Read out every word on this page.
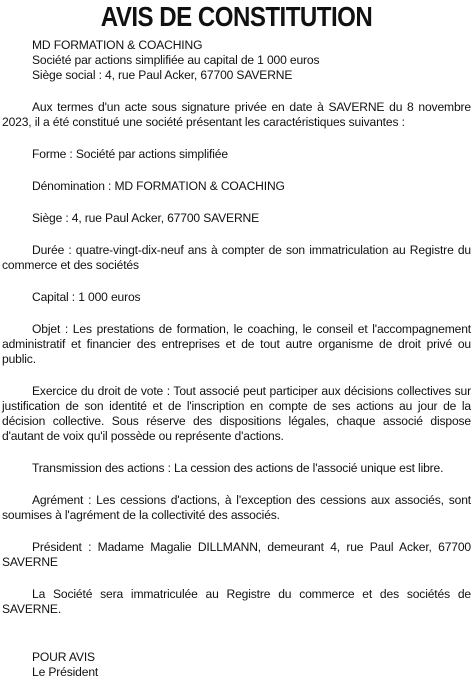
AVIS DE CONSTITUTION
MD FORMATION & COACHING
Société par actions simplifiée au capital de 1 000 euros
Siège social : 4, rue Paul Acker, 67700 SAVERNE

Aux termes d'un acte sous signature privée en date à SAVERNE du 8 novembre 2023, il a été constitué une société présentant les caractéristiques suivantes :

Forme : Société par actions simplifiée

Dénomination : MD FORMATION & COACHING

Siège : 4, rue Paul Acker, 67700 SAVERNE

Durée : quatre-vingt-dix-neuf ans à compter de son immatriculation au Registre du commerce et des sociétés

Capital : 1 000 euros

Objet : Les prestations de formation, le coaching, le conseil et l'accompagnement administratif et financier des entreprises et de tout autre organisme de droit privé ou public.

Exercice du droit de vote : Tout associé peut participer aux décisions collectives sur justification de son identité et de l'inscription en compte de ses actions au jour de la décision collective. Sous réserve des dispositions légales, chaque associé dispose d'autant de voix qu'il possède ou représente d'actions.

Transmission des actions : La cession des actions de l'associé unique est libre.

Agrément : Les cessions d'actions, à l'exception des cessions aux associés, sont soumises à l'agrément de la collectivité des associés.

Président : Madame Magalie DILLMANN, demeurant 4, rue Paul Acker, 67700 SAVERNE

La Société sera immatriculée au Registre du commerce et des sociétés de SAVERNE.

POUR AVIS
Le Président
